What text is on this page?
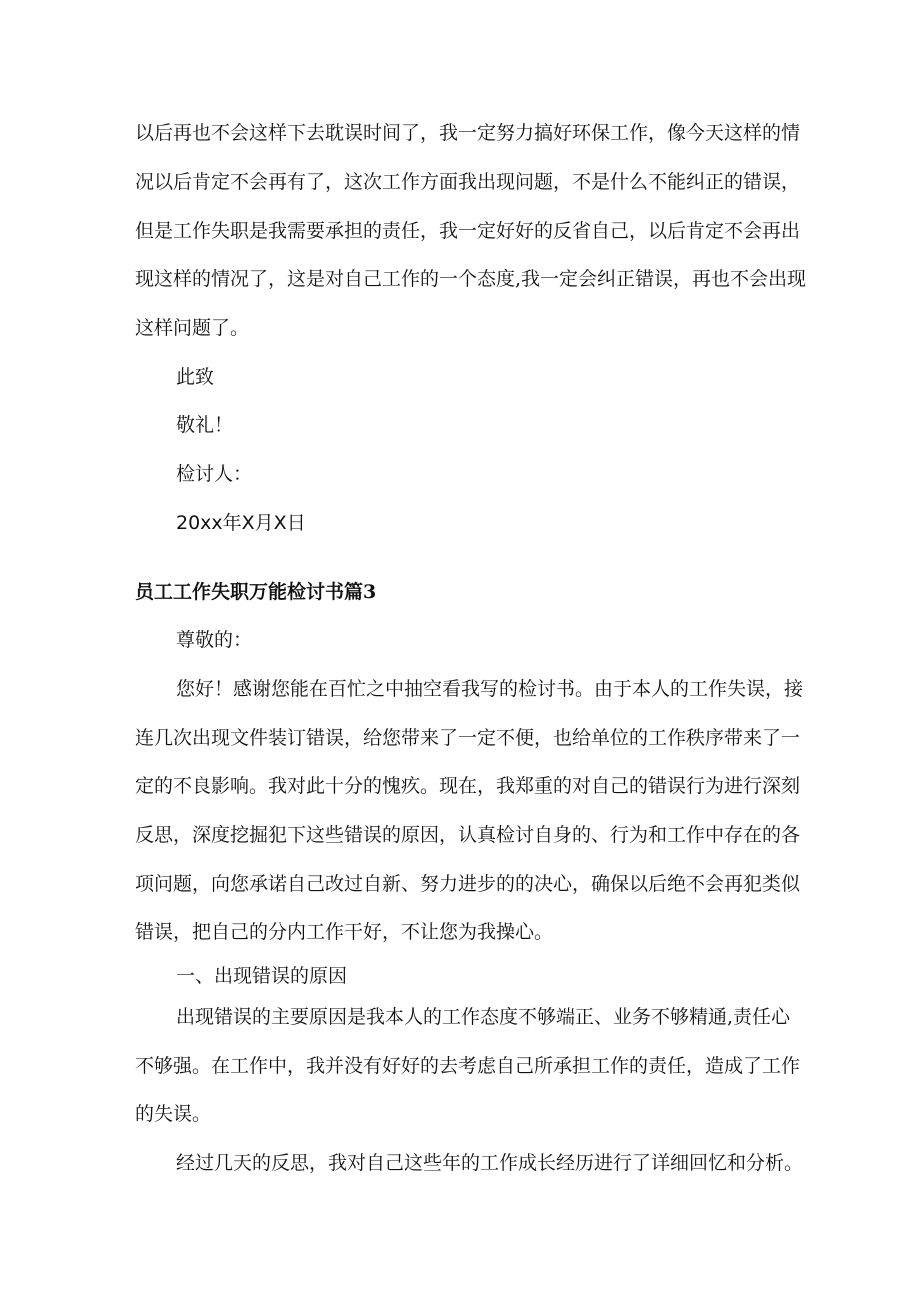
以后再也不会这样下去耽误时间了，我一定努力搞好环保工作，像今天这样的情
况以后肯定不会再有了，这次工作方面我出现问题，不是什么不能纠正的错误，
但是工作失职是我需要承担的责任，我一定好好的反省自己，以后肯定不会再出
现这样的情况了，这是对自己工作的一个态度,我一定会纠正错误，再也不会出现
这样问题了。
此致
敬礼！
检讨人：
20xx年X月X日
员工工作失职万能检讨书篇3
尊敬的：
您好！感谢您能在百忙之中抽空看我写的检讨书。由于本人的工作失误，接
连几次出现文件装订错误，给您带来了一定不便，也给单位的工作秩序带来了一
定的不良影响。我对此十分的愧疚。现在，我郑重的对自己的错误行为进行深刻
反思，深度挖掘犯下这些错误的原因，认真检讨自身的、行为和工作中存在的各
项问题，向您承诺自己改过自新、努力进步的的决心，确保以后绝不会再犯类似
错误，把自己的分内工作干好，不让您为我操心。
一、出现错误的原因
出现错误的主要原因是我本人的工作态度不够端正、业务不够精通,责任心
不够强。在工作中，我并没有好好的去考虑自己所承担工作的责任，造成了工作
的失误。
经过几天的反思，我对自己这些年的工作成长经历进行了详细回忆和分析。
